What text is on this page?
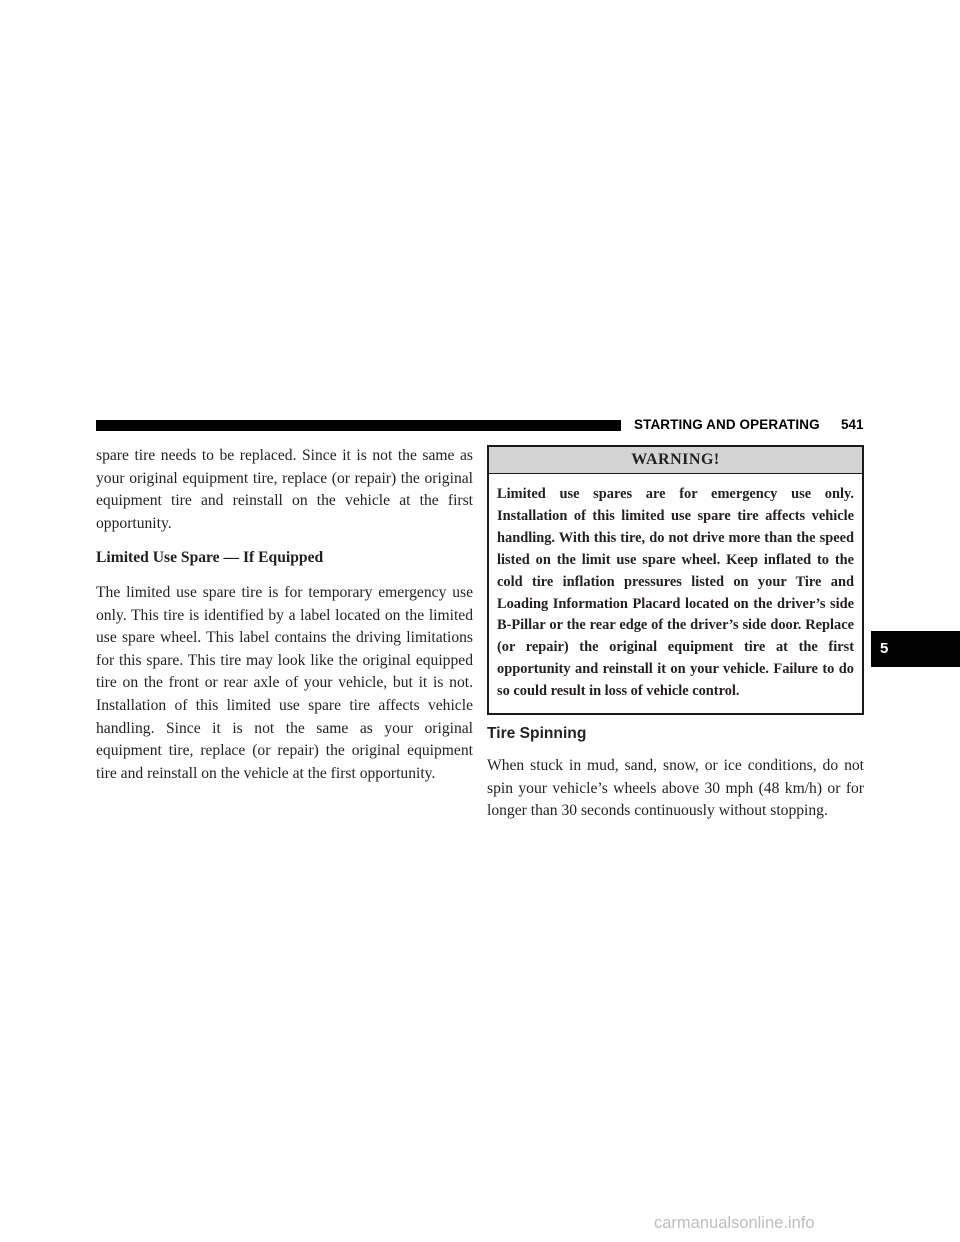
STARTING AND OPERATING 541

spare tire needs to be replaced. Since it is not the same as your original equipment tire, replace (or repair) the original equipment tire and reinstall on the vehicle at the first opportunity.

Limited Use Spare — If Equipped

The limited use spare tire is for temporary emergency use only. This tire is identified by a label located on the limited use spare wheel. This label contains the driving limitations for this spare. This tire may look like the original equipped tire on the front or rear axle of your vehicle, but it is not. Installation of this limited use spare tire affects vehicle handling. Since it is not the same as your original equipment tire, replace (or repair) the original equipment tire and reinstall on the vehicle at the first opportunity.

WARNING!
Limited use spares are for emergency use only. Installation of this limited use spare tire affects vehicle handling. With this tire, do not drive more than the speed listed on the limit use spare wheel. Keep inflated to the cold tire inflation pressures listed on your Tire and Loading Information Placard located on the driver’s side B-Pillar or the rear edge of the driver’s side door. Replace (or repair) the original equipment tire at the first opportunity and reinstall it on your vehicle. Failure to do so could result in loss of vehicle control.
Tire Spinning

When stuck in mud, sand, snow, or ice conditions, do not spin your vehicle’s wheels above 30 mph (48 km/h) or for longer than 30 seconds continuously without stopping.

5
carmanualsonline.info
